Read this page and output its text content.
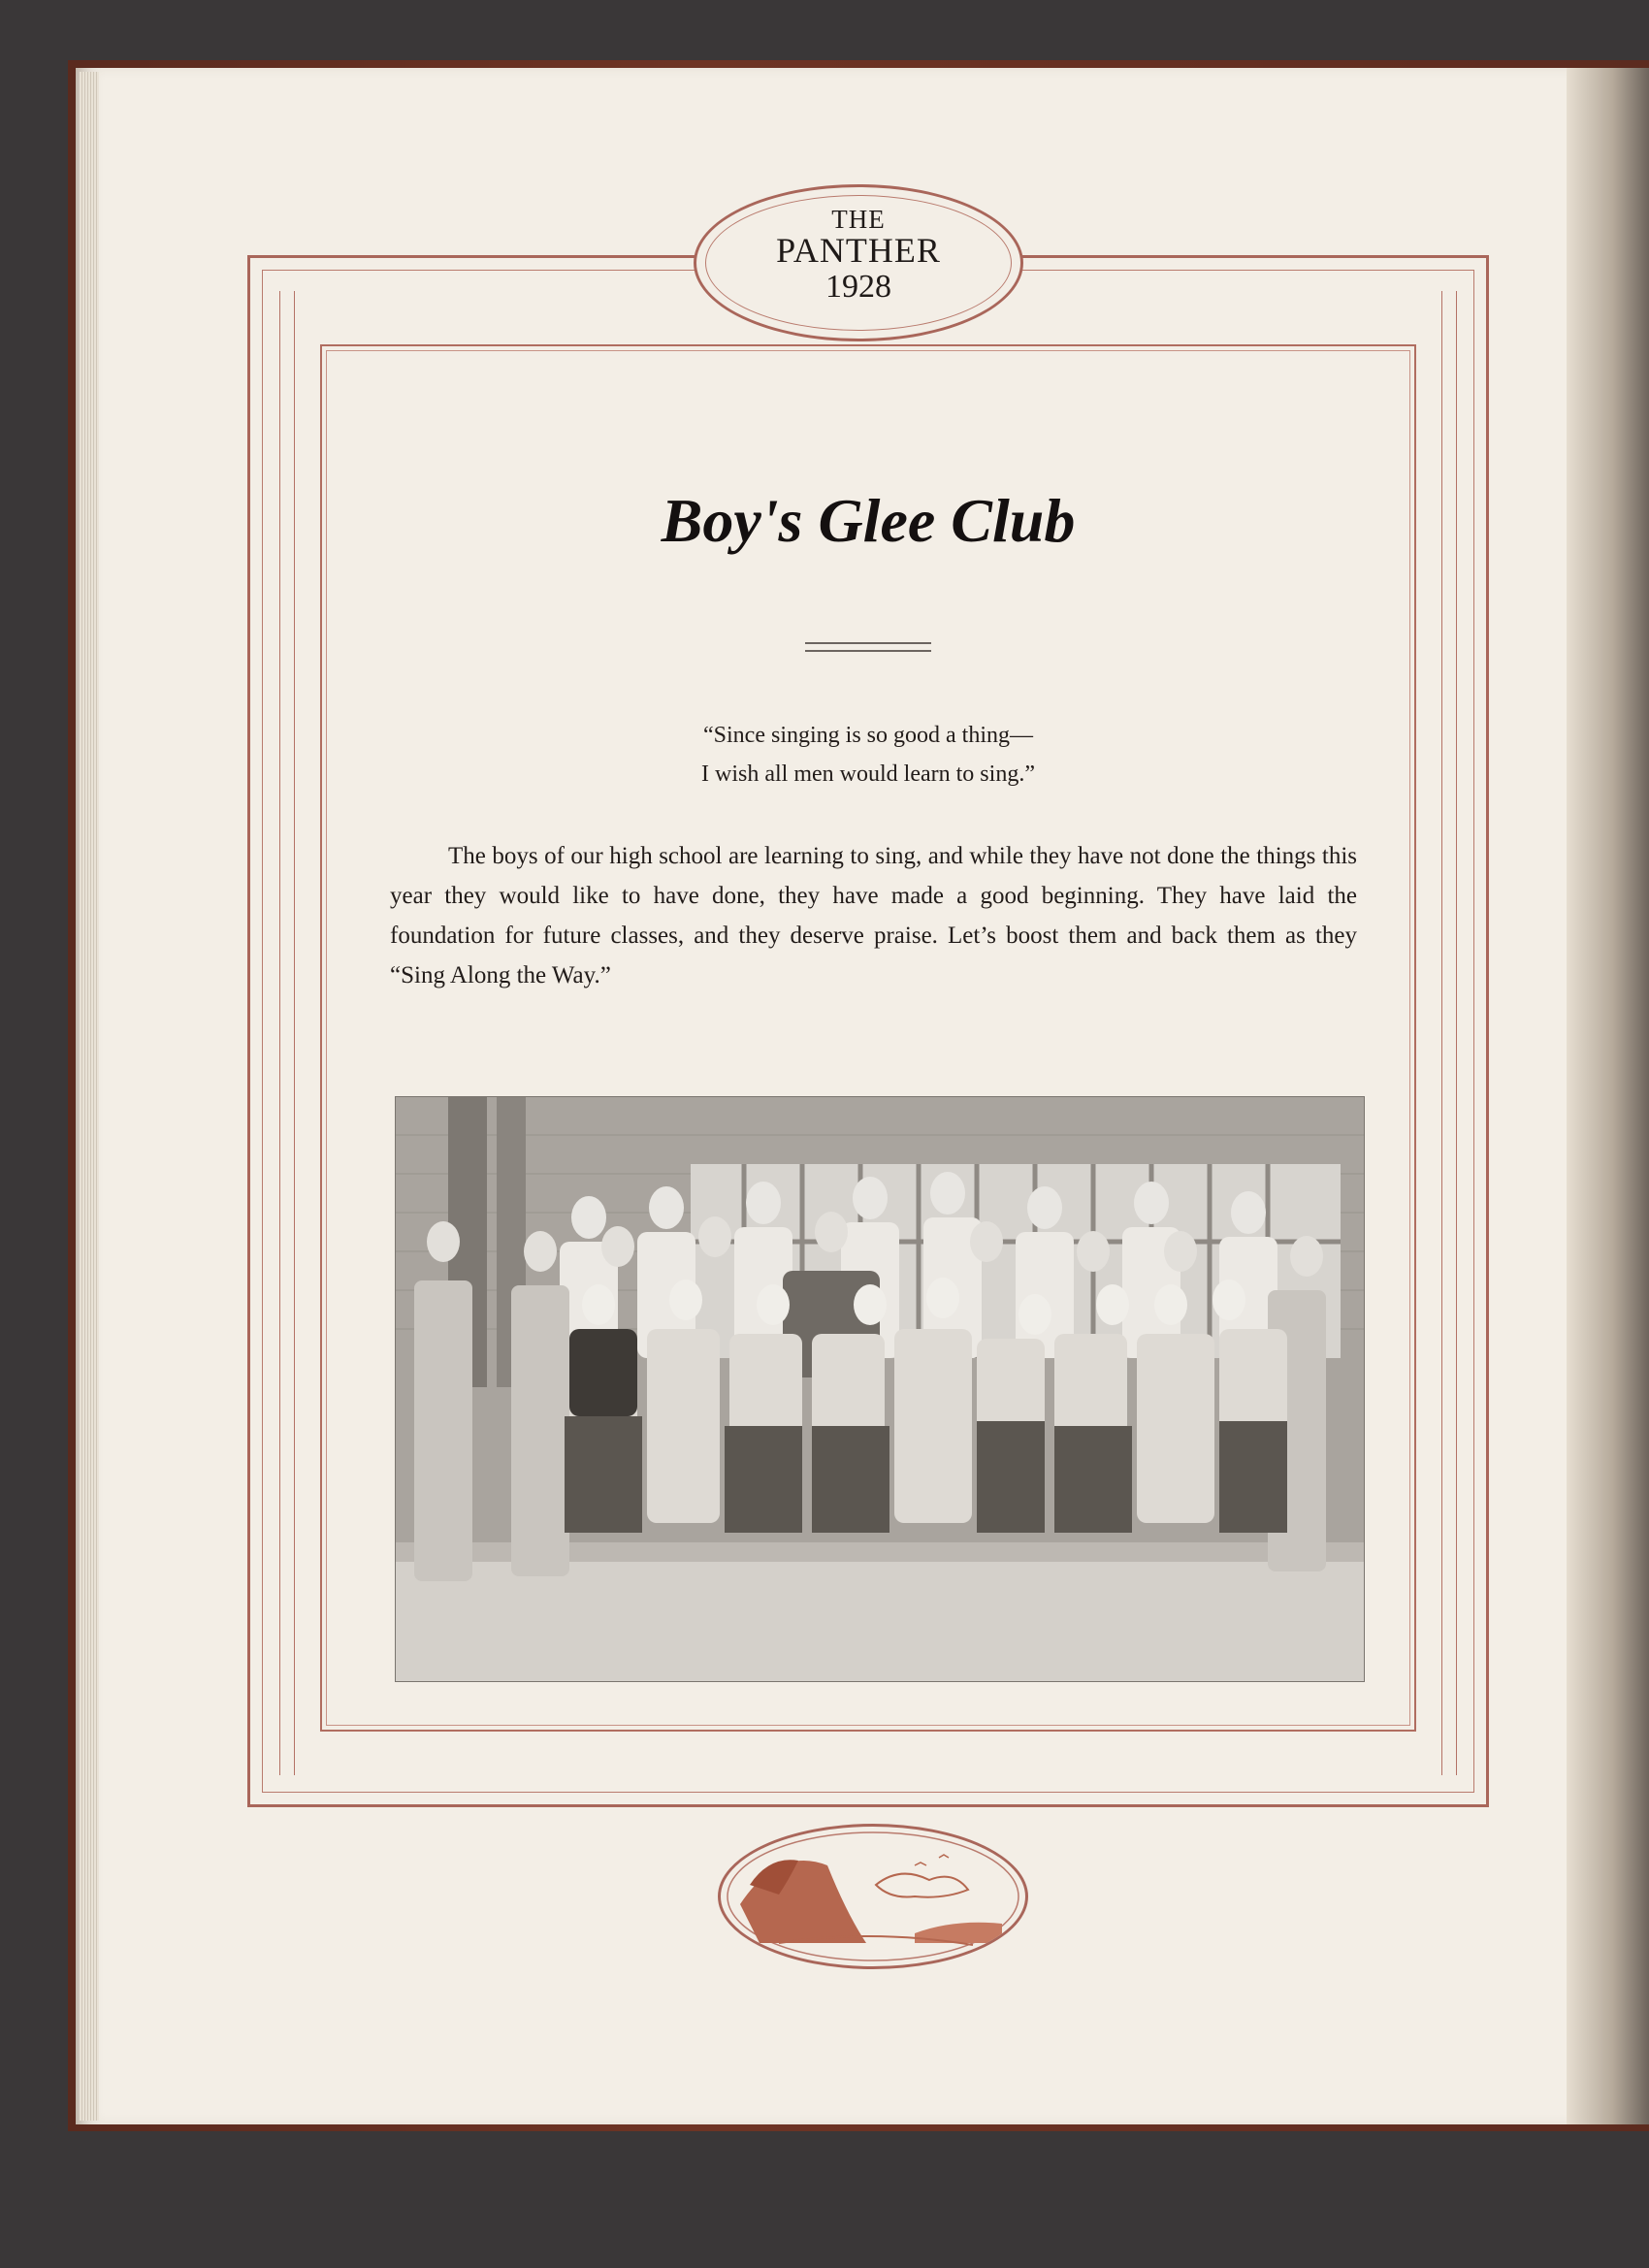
THE
PANTHER
1928
Boy's Glee Club
“Since singing is so good a thing—
I wish all men would learn to sing.”
The boys of our high school are learning to sing, and while they have not done the things this year they would like to have done, they have made a good beginning. They have laid the foundation for future classes, and they deserve praise. Let’s boost them and back them as they “Sing Along the Way.”
